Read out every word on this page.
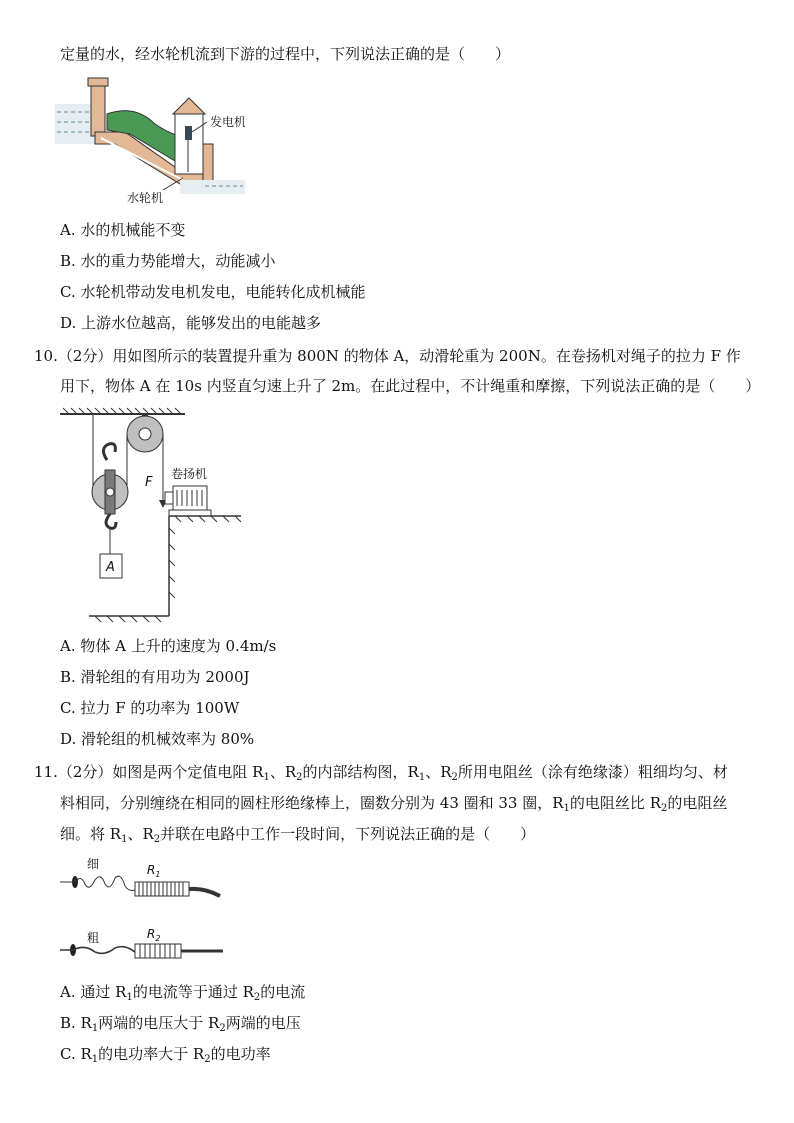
定量的水，经水轮机流到下游的过程中，下列说法正确的是（　　）
发电机
水轮机
A. 水的机械能不变
B. 水的重力势能增大，动能减小
C. 水轮机带动发电机发电，电能转化成机械能
D. 上游水位越高，能够发出的电能越多
10.（2分）用如图所示的装置提升重为 800N 的物体 A，动滑轮重为 200N。在卷扬机对绳子的拉力 F 作
用下，物体 A 在 10s 内竖直匀速上升了 2m。在此过程中，不计绳重和摩擦，下列说法正确的是（　　）
A
F
卷扬机
A. 物体 A 上升的速度为 0.4m/s
B. 滑轮组的有用功为 2000J
C. 拉力 F 的功率为 100W
D. 滑轮组的机械效率为 80%
11.（2分）如图是两个定值电阻 $R_1$、$R_2$的内部结构图，$R_1$、$R_2$所用电阻丝（涂有绝缘漆）粗细均匀、材
料相同，分别缠绕在相同的圆柱形绝缘棒上，圈数分别为 43 圈和 33 圈，$R_1$的电阻丝比 $R_2$的电阻丝
细。将 $R_1$、$R_2$并联在电路中工作一段时间，下列说法正确的是（　　）
细	$R_1$
粗	$R_2$
A. 通过 $R_1$的电流等于通过 $R_2$的电流
B. $R_1$两端的电压大于 $R_2$两端的电压
C. $R_1$的电功率大于 $R_2$的电功率
